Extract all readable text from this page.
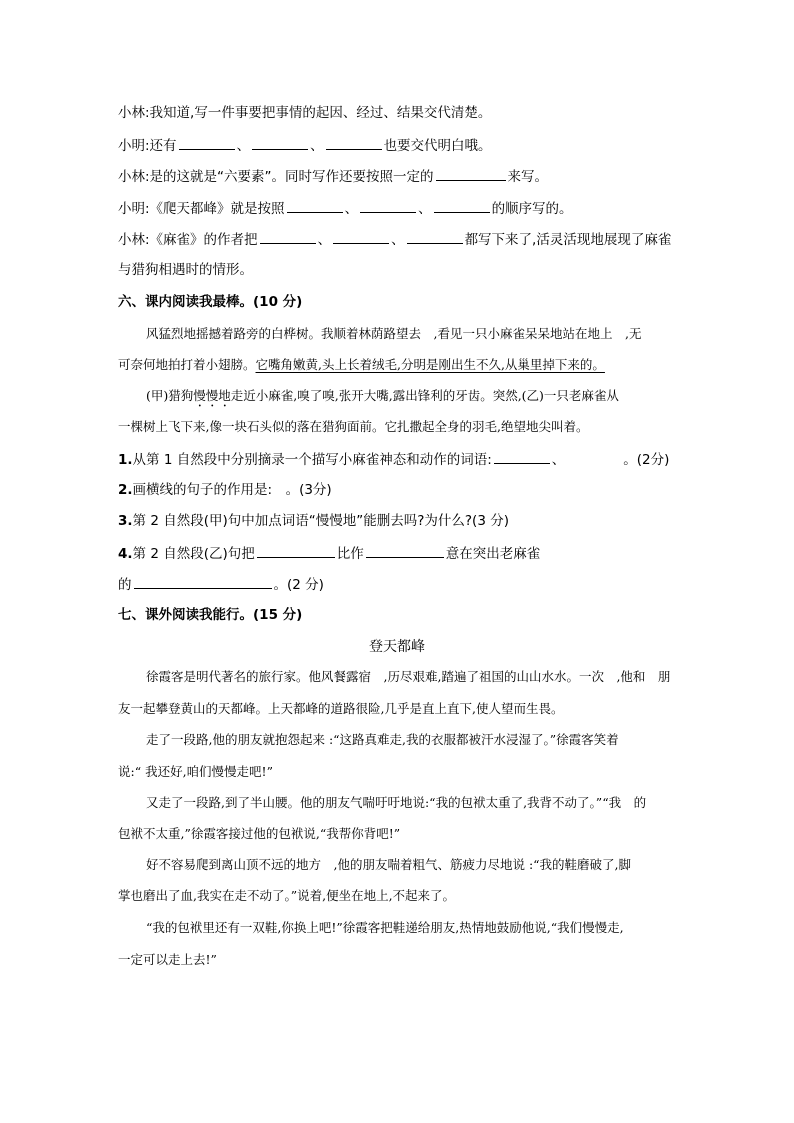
小林:我知道,写一件事要把事情的起因、经过、结果交代清楚。
小明:还有	、	、	也要交代明白哦。
小林:是的这就是“六要素”。同时写作还要按照一定的	来写。
小明:《爬天都峰》就是按照	、	、	的顺序写的。
小林:《麻雀》的作者把	、	、	都写下来了,活灵活现地展现了麻雀
与猎狗相遇时的情形。
六、课内阅读我最棒。(10 分)
风猛烈地摇撼着路旁的白桦树。我顺着林荫路望去　,看见一只小麻雀呆呆地站在地上　,无
可奈何地拍打着小翅膀。它嘴角嫩黄,头上长着绒毛,分明是刚出生不久,从巢里掉下来的。
(甲)猎狗慢慢地走近小麻雀,嗅了嗅,张开大嘴,露出锋利的牙齿。突然,(乙)一只老麻雀从
一棵树上飞下来,像一块石头似的落在猎狗面前。它扎撒起全身的羽毛,绝望地尖叫着。
1.从第 1 自然段中分别摘录一个描写小麻雀神态和动作的词语:	、	。(2分)
2.画横线的句子的作用是:　。(3分)
3.第 2 自然段(甲)句中加点词语“慢慢地”能删去吗?为什么?(3 分)
4.第 2 自然段(乙)句把	比作	意在突出老麻雀
的	。(2 分)
七、课外阅读我能行。(15 分)
登天都峰
徐霞客是明代著名的旅行家。他风餐露宿　,历尽艰难,踏遍了祖国的山山水水。一次　,他和　朋
友一起攀登黄山的天都峰。上天都峰的道路很险,几乎是直上直下,使人望而生畏。
走了一段路,他的朋友就抱怨起来 :“这路真难走,我的衣服都被汗水浸湿了。”徐霞客笑着
说:“ 我还好,咱们慢慢走吧!”
又走了一段路,到了半山腰。他的朋友气喘吁吁地说:“我的包袱太重了,我背不动了。”“我　的
包袱不太重,”徐霞客接过他的包袱说,“我帮你背吧!”
好不容易爬到离山顶不远的地方　,他的朋友喘着粗气、筋疲力尽地说 :“我的鞋磨破了,脚
掌也磨出了血,我实在走不动了。”说着,便坐在地上,不起来了。
“我的包袱里还有一双鞋,你换上吧!”徐霞客把鞋递给朋友,热情地鼓励他说,“我们慢慢走,
一定可以走上去!”
